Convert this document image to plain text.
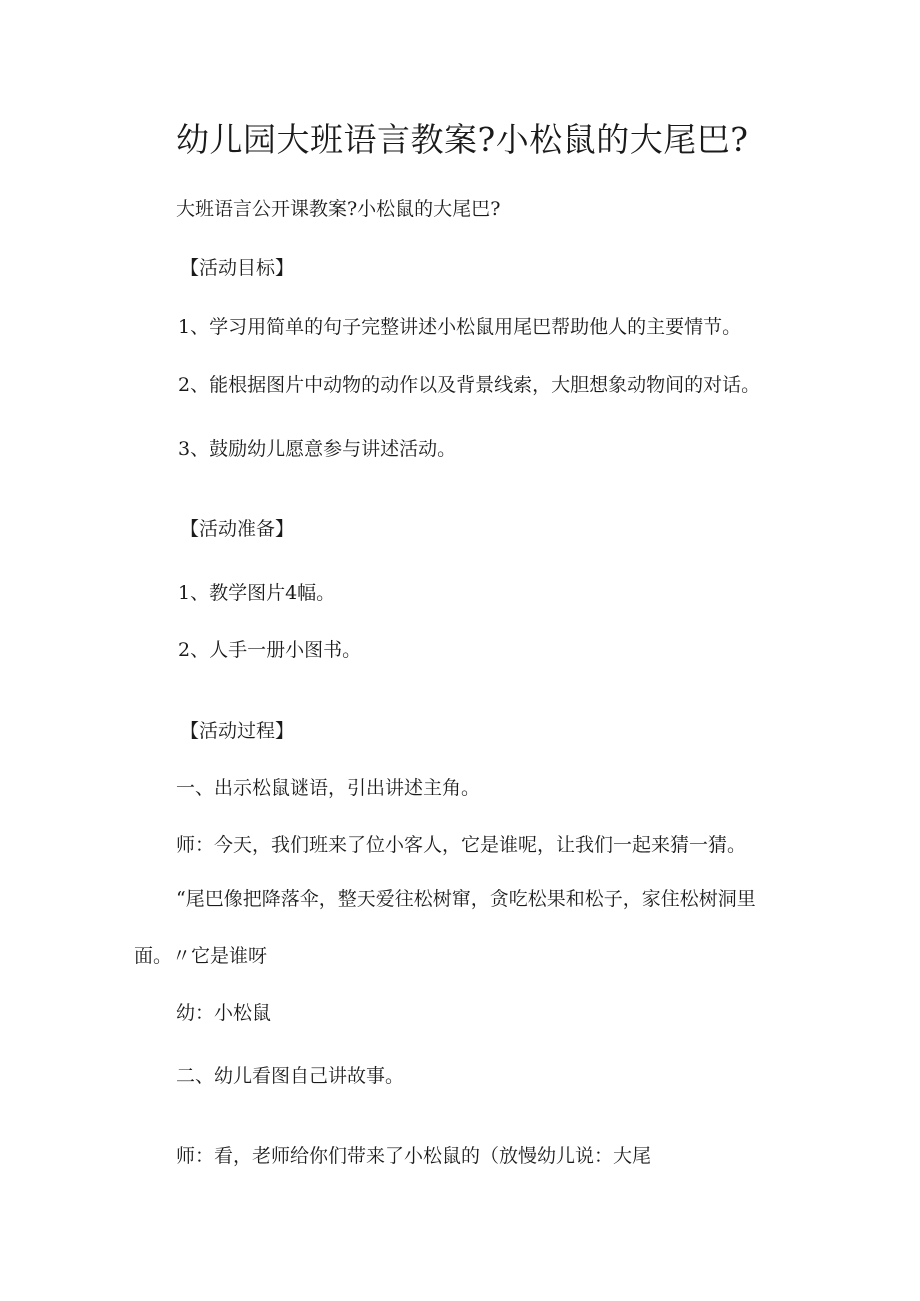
幼儿园大班语言教案?小松鼠的大尾巴?
大班语言公开课教案?小松鼠的大尾巴?
【活动目标】
1、学习用简单的句子完整讲述小松鼠用尾巴帮助他人的主要情节。
2、能根据图片中动物的动作以及背景线索，大胆想象动物间的对话。
3、鼓励幼儿愿意参与讲述活动。
【活动准备】
1、教学图片4幅。
2、人手一册小图书。
【活动过程】
一、出示松鼠谜语，引出讲述主角。
师：今天，我们班来了位小客人，它是谁呢，让我们一起来猜一猜。
“尾巴像把降落伞，整天爱往松树窜，贪吃松果和松子，家住松树洞里
面。〃它是谁呀
幼：小松鼠
二、幼儿看图自己讲故事。
师：看，老师给你们带来了小松鼠的（放慢幼儿说：大尾
